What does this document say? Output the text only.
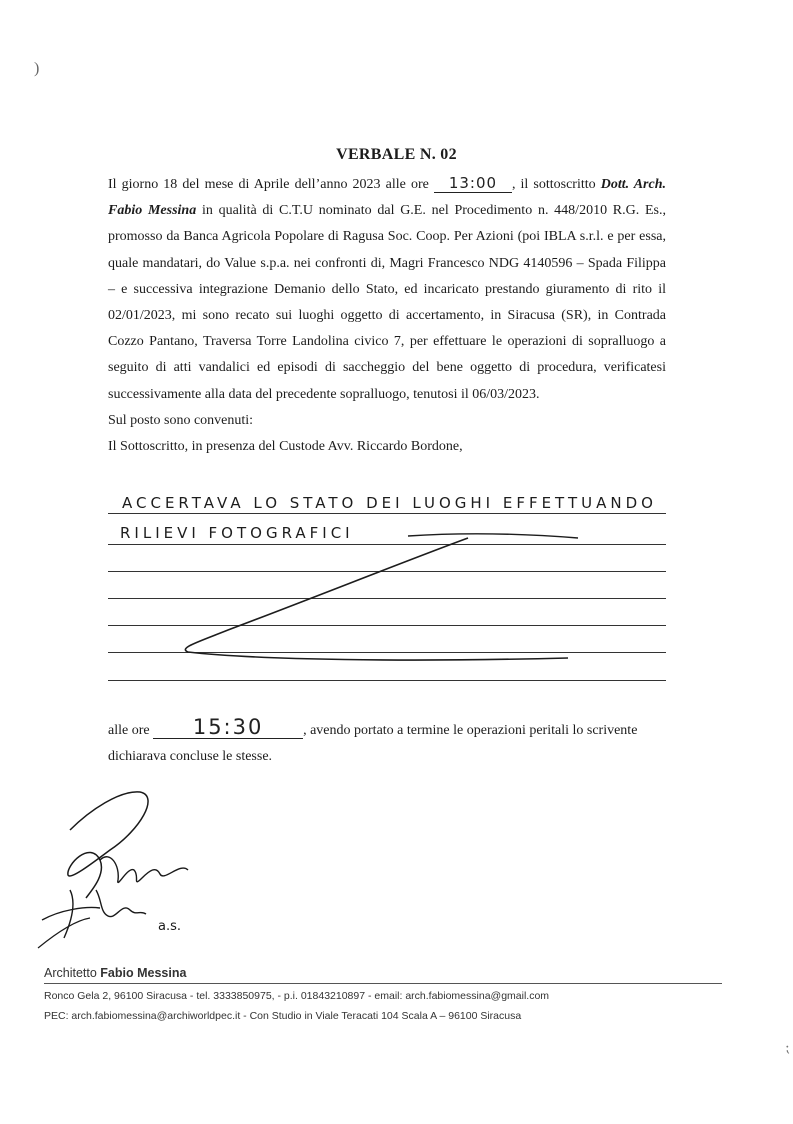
)
⁏
VERBALE N. 02

Il giorno 18 del mese di Aprile dell’anno 2023 alle ore 13:00 , il sottoscritto Dott. Arch. Fabio Messina in qualità di C.T.U nominato dal G.E. nel Procedimento n. 448/2010 R.G. Es., promosso da Banca Agricola Popolare di Ragusa Soc. Coop. Per Azioni (poi IBLA s.r.l. e per essa, quale mandatari, do Value s.p.a. nei confronti di, Magri Francesco NDG 4140596 – Spada Filippa – e successiva integrazione Demanio dello Stato, ed incaricato prestando giuramento di rito il 02/01/2023, mi sono recato sui luoghi oggetto di accertamento, in Siracusa (SR), in Contrada Cozzo Pantano, Traversa Torre Landolina civico 7, per effettuare le operazioni di sopralluogo a seguito di atti vandalici ed episodi di saccheggio del bene oggetto di procedura, verificatesi successivamente alla data del precedente sopralluogo, tenutosi il 06/03/2023.

Sul posto sono convenuti:

Il Sottoscritto, in presenza del Custode Avv. Riccardo Bordone,

ACCERTAVA LO STATO DEI LUOGHI EFFETTUANDO
RILIEVI FOTOGRAFICI

alle ore 15:30	, avendo portato a termine le operazioni peritali lo scrivente

dichiarava concluse le stesse.

a.s.
Architetto Fabio Messina
Ronco Gela 2, 96100 Siracusa - tel. 3333850975, - p.i. 01843210897 - email: arch.fabiomessina@gmail.com
PEC: arch.fabiomessina@archiworldpec.it - Con Studio in Viale Teracati 104 Scala A – 96100 Siracusa
